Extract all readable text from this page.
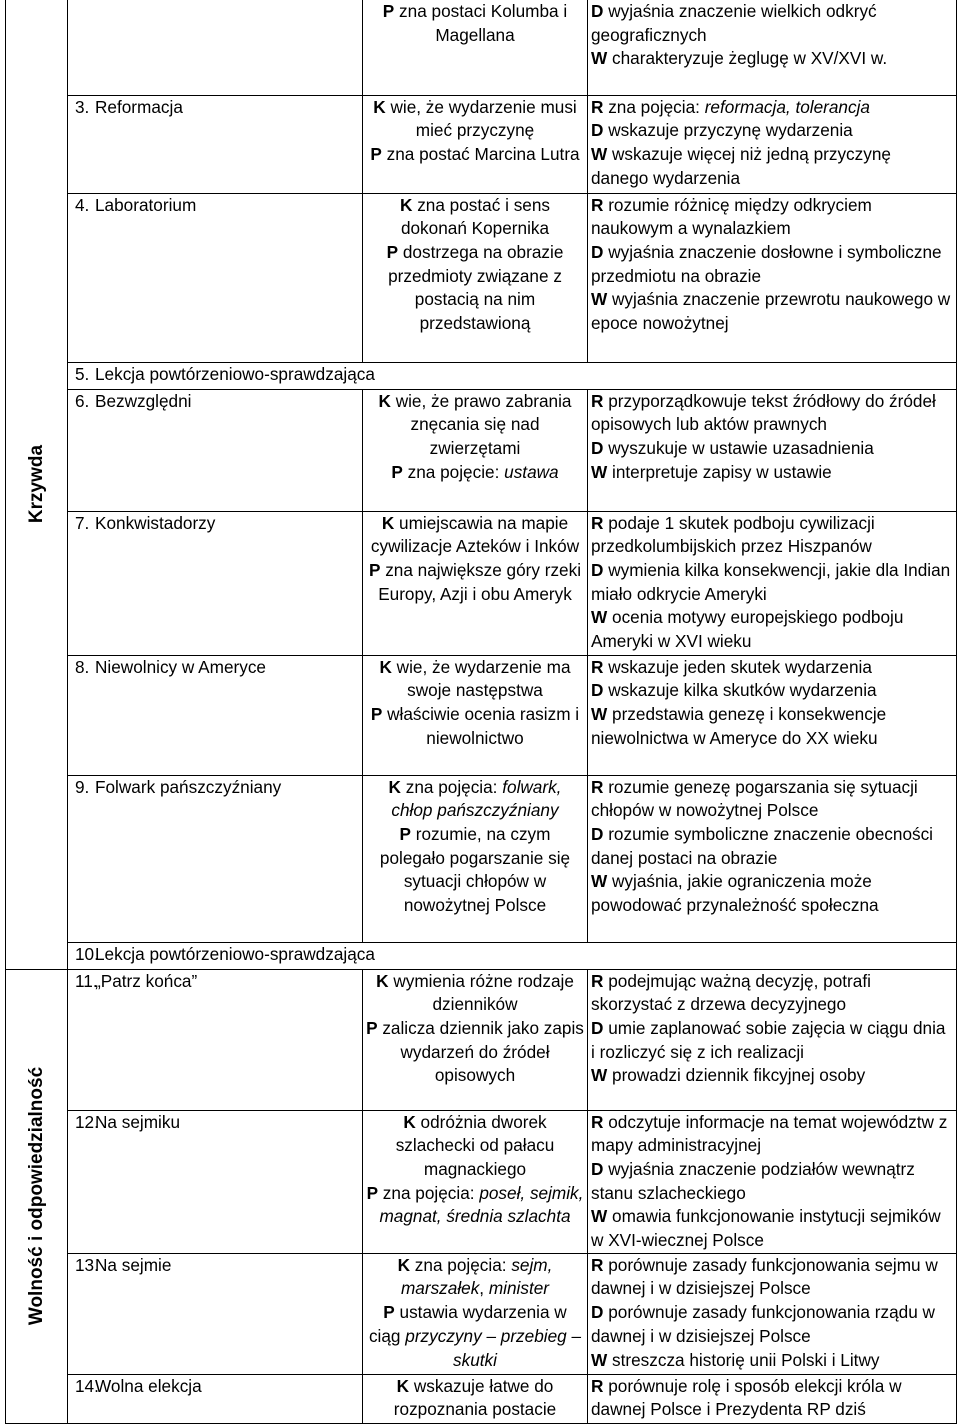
Krzywda		P zna postaci Kolumba i Magellana	D wyjaśnia znaczenie wielkich odkryć geograficznych
W charakteryzuje żeglugę w XV/XVI w.

	3. Reformacja	K wie, że wydarzenie musi mieć przyczynę
P zna postać Marcina Lutra	R zna pojęcia: reformacja, tolerancja
D wskazuje przyczynę wydarzenia
W wskazuje więcej niż jedną przyczynę danego wydarzenia

	4. Laboratorium	K zna postać i sens dokonań Kopernika
P dostrzega na obrazie przedmioty związane z postacią na nim przedstawioną	R rozumie różnicę między odkryciem naukowym a wynalazkiem
D wyjaśnia znaczenie dosłowne i symboliczne przedmiotu na obrazie
W wyjaśnia znaczenie przewrotu naukowego w epoce nowożytnej

	5. Lekcja powtórzeniowo-sprawdzająca		
	6. Bezwzględni	K wie, że prawo zabrania znęcania się nad zwierzętami
P zna pojęcie: ustawa	R przyporządkowuje tekst źródłowy do źródeł opisowych lub aktów prawnych
D wyszukuje w ustawie uzasadnienia
W interpretuje zapisy w ustawie

	7. Konkwistadorzy	K umiejscawia na mapie cywilizacje Azteków i Inków
P zna największe góry rzeki Europy, Azji i obu Ameryk	R podaje 1 skutek podboju cywilizacji przedkolumbijskich przez Hiszpanów
D wymienia kilka konsekwencji, jakie dla Indian miało odkrycie Ameryki
W ocenia motywy europejskiego podboju Ameryki w XVI wieku

	8. Niewolnicy w Ameryce	K wie, że wydarzenie ma swoje następstwa
P właściwie ocenia rasizm i niewolnictwo	R wskazuje jeden skutek wydarzenia
D wskazuje kilka skutków wydarzenia
W przedstawia genezę i konsekwencje niewolnictwa w Ameryce do XX wieku

	9. Folwark pańszczyźniany	K zna pojęcia: folwark, chłop pańszczyźniany
P rozumie, na czym polegało pogarszanie się sytuacji chłopów w nowożytnej Polsce	R rozumie genezę pogarszania się sytuacji chłopów w nowożytnej Polsce
D rozumie symboliczne znaczenie obecności danej postaci na obrazie
W wyjaśnia, jakie ograniczenia może powodować przynależność społeczna

	10.Lekcja powtórzeniowo-sprawdzająca		

Wolność i odpowiedzialność	11.„Patrz końca”	K wymienia różne rodzaje dzienników
P zalicza dziennik jako zapis wydarzeń do źródeł opisowych	R podejmując ważną decyzję, potrafi skorzystać z drzewa decyzyjnego
D umie zaplanować sobie zajęcia w ciągu dnia i rozliczyć się z ich realizacji
W prowadzi dziennik fikcyjnej osoby

	12.Na sejmiku	K odróżnia dworek szlachecki od pałacu magnackiego
P zna pojęcia: poseł, sejmik, magnat, średnia szlachta	R odczytuje informacje na temat województw z mapy administracyjnej
D wyjaśnia znaczenie podziałów wewnątrz stanu szlacheckiego
W omawia funkcjonowanie instytucji sejmików w XVI-wiecznej Polsce

	13.Na sejmie	K zna pojęcia: sejm, marszałek, minister
P ustawia wydarzenia w ciąg przyczyny – przebieg – skutki	R porównuje zasady funkcjonowania sejmu w dawnej i w dzisiejszej Polsce
D porównuje zasady funkcjonowania rządu w dawnej i w dzisiejszej Polsce
W streszcza historię unii Polski i Litwy

	14.Wolna elekcja	K wskazuje łatwe do rozpoznania postacie	R porównuje rolę i sposób elekcji króla w dawnej Polsce i Prezydenta RP dziś
